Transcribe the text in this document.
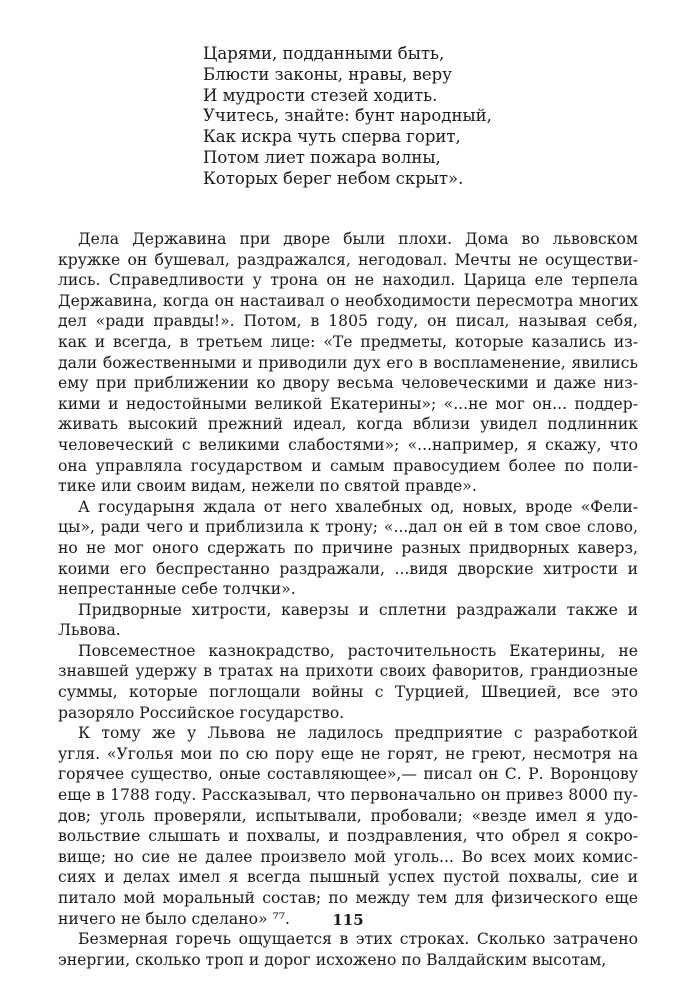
Царями, подданными быть,
Блюсти законы, нравы, веру
И мудрости стезей ходить.
Учитесь, знайте: бунт народный,
Как искра чуть сперва горит,
Потом лиет пожара волны,
Которых берег небом скрыт».
Дела Державина при дворе были плохи. Дома во львовском
кружке он бушевал, раздражался, негодовал. Мечты не осуществи-
лись. Справедливости у трона он не находил. Царица еле терпела
Державина, когда он настаивал о необходимости пересмотра многих
дел «ради правды!». Потом, в 1805 году, он писал, называя себя,
как и всегда, в третьем лице: «Те предметы, которые казались из-
дали божественными и приводили дух его в воспламенение, явились
ему при приближении ко двору весьма человеческими и даже низ-
кими и недостойными великой Екатерины»; «...не мог он... поддер-
живать высокий прежний идеал, когда вблизи увидел подлинник
человеческий с великими слабостями»; «...например, я скажу, что
она управляла государством и самым правосудием более по поли-
тике или своим видам, нежели по святой правде».
А государыня ждала от него хвалебных од, новых, вроде «Фели-
цы», ради чего и приблизила к трону; «...дал он ей в том свое слово,
но не мог оного сдержать по причине разных придворных каверз,
коими его беспрестанно раздражали, ...видя дворские хитрости и
непрестанные себе толчки».
Придворные хитрости, каверзы и сплетни раздражали также и
Львова.
Повсеместное казнокрадство, расточительность Екатерины, не
знавшей удержу в тратах на прихоти своих фаворитов, грандиозные
суммы, которые поглощали войны с Турцией, Швецией, все это
разоряло Российское государство.
К тому же у Львова не ладилось предприятие с разработкой
угля. «Уголья мои по сю пору еще не горят, не греют, несмотря на
горячее существо, оные составляющее»,— писал он С. Р. Воронцову
еще в 1788 году. Рассказывал, что первоначально он привез 8000 пу-
дов; уголь проверяли, испытывали, пробовали; «везде имел я удо-
вольствие слышать и похвалы, и поздравления, что обрел я сокро-
вище; но сие не далее произвело мой уголь... Во всех моих комис-
сиях и делах имел я всегда пышный успех пустой похвалы, сие и
питало мой моральный состав; по между тем для физического еще
ничего не было сделано» ⁷⁷.
Безмерная горечь ощущается в этих строках. Сколько затрачено
энергии, сколько троп и дорог исхожено по Валдайским высотам,
115
